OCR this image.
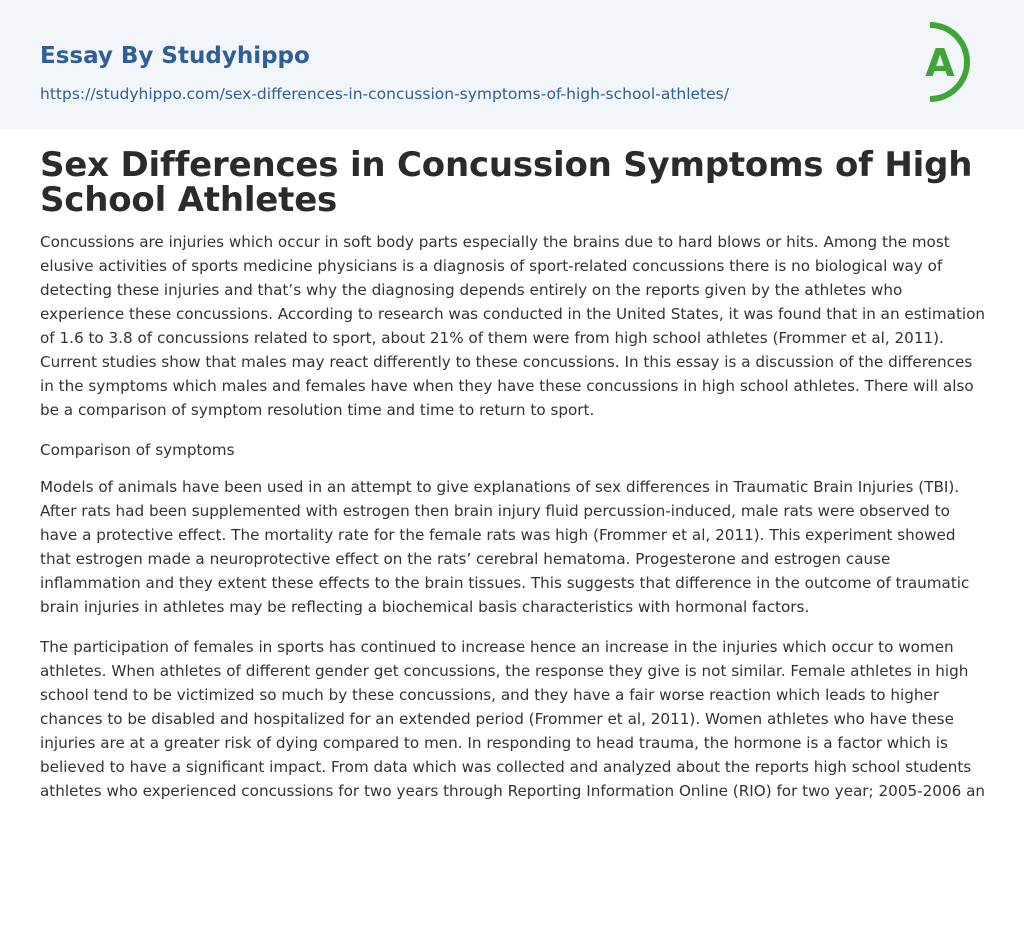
Essay By Studyhippo
https://studyhippo.com/sex-differences-in-concussion-symptoms-of-high-school-athletes/
A
Sex Differences in Concussion Symptoms of High School Athletes

Concussions are injuries which occur in soft body parts especially the brains due to hard blows or hits. Among the most elusive activities of sports medicine physicians is a diagnosis of sport-related concussions there is no biological way of detecting these injuries and that’s why the diagnosing depends entirely on the reports given by the athletes who experience these concussions. According to research was conducted in the United States, it was found that in an estimation of 1.6 to 3.8 of concussions related to sport, about 21% of them were from high school athletes (Frommer et al, 2011). Current studies show that males may react differently to these concussions. In this essay is a discussion of the differences in the symptoms which males and females have when they have these concussions in high school athletes. There will also be a comparison of symptom resolution time and time to return to sport.

Comparison of symptoms

Models of animals have been used in an attempt to give explanations of sex differences in Traumatic Brain Injuries (TBI). After rats had been supplemented with estrogen then brain injury fluid percussion-induced, male rats were observed to have a protective effect. The mortality rate for the female rats was high (Frommer et al, 2011). This experiment showed that estrogen made a neuroprotective effect on the rats’ cerebral hematoma. Progesterone and estrogen cause inflammation and they extent these effects to the brain tissues. This suggests that difference in the outcome of traumatic brain injuries in athletes may be reflecting a biochemical basis characteristics with hormonal factors.

The participation of females in sports has continued to increase hence an increase in the injuries which occur to women athletes. When athletes of different gender get concussions, the response they give is not similar. Female athletes in high school tend to be victimized so much by these concussions, and they have a fair worse reaction which leads to higher chances to be disabled and hospitalized for an extended period (Frommer et al, 2011). Women athletes who have these injuries are at a greater risk of dying compared to men. In responding to head trauma, the hormone is a factor which is believed to have a significant impact. From data which was collected and analyzed about the reports high school students athletes who experienced concussions for two years through Reporting Information Online (RIO) for two year; 2005-2006 an
